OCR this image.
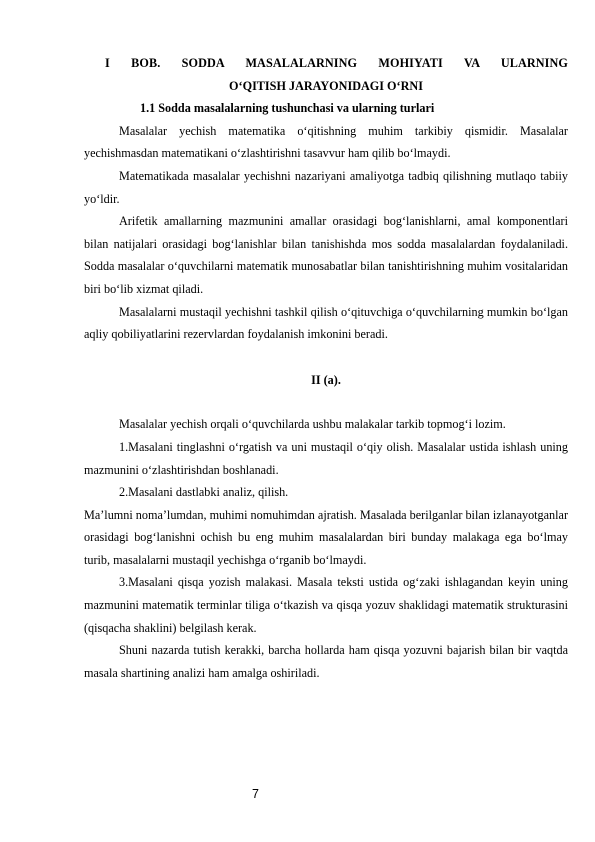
I BOB. SODDA MASALALARNING MOHIYATI VA ULARNING
O‘QITISH JARAYONIDAGI O‘RNI
1.1 Sodda masalalarning tushunchasi va ularning turlari

Masalalar yechish matematika o‘qitishning muhim tarkibiy qismidir. Masalalar yechishmasdan matematikani o‘zlashtirishni tasavvur ham qilib bo‘lmaydi.

Matematikada masalalar yechishni nazariyani amaliyotga tadbiq qilishning mutlaqo tabiiy yo‘ldir.

Arifetik amallarning mazmunini amallar orasidagi bog‘lanishlarni, amal komponentlari bilan natijalari orasidagi bog‘lanishlar bilan tanishishda mos sodda masalalardan foydalaniladi. Sodda masalalar o‘quvchilarni matematik munosabatlar bilan tanishtirishning muhim vositalaridan biri bo‘lib xizmat qiladi.

Masalalarni mustaqil yechishni tashkil qilish o‘qituvchiga o‘quvchilarning mumkin bo‘lgan aqliy qobiliyatlarini rezervlardan foydalanish imkonini beradi.

II (a).

Masalalar yechish orqali o‘quvchilarda ushbu malakalar tarkib topmog‘i lozim.

1.Masalani tinglashni o‘rgatish va uni mustaqil o‘qiy olish. Masalalar ustida ishlash uning mazmunini o‘zlashtirishdan boshlanadi.

2.Masalani dastlabki analiz, qilish.

Ma’lumni noma’lumdan, muhimi nomuhimdan ajratish. Masalada berilganlar bilan izlanayotganlar orasidagi bog‘lanishni ochish bu eng muhim masalalardan biri bunday malakaga ega bo‘lmay turib, masalalarni mustaqil yechishga o‘rganib bo‘lmaydi.

3.Masalani qisqa yozish malakasi. Masala teksti ustida og‘zaki ishlagandan keyin uning mazmunini matematik terminlar tiliga o‘tkazish va qisqa yozuv shaklidagi matematik strukturasini (qisqacha shaklini) belgilash kerak.

Shuni nazarda tutish kerakki, barcha hollarda ham qisqa yozuvni bajarish bilan bir vaqtda masala shartining analizi ham amalga oshiriladi.

7
